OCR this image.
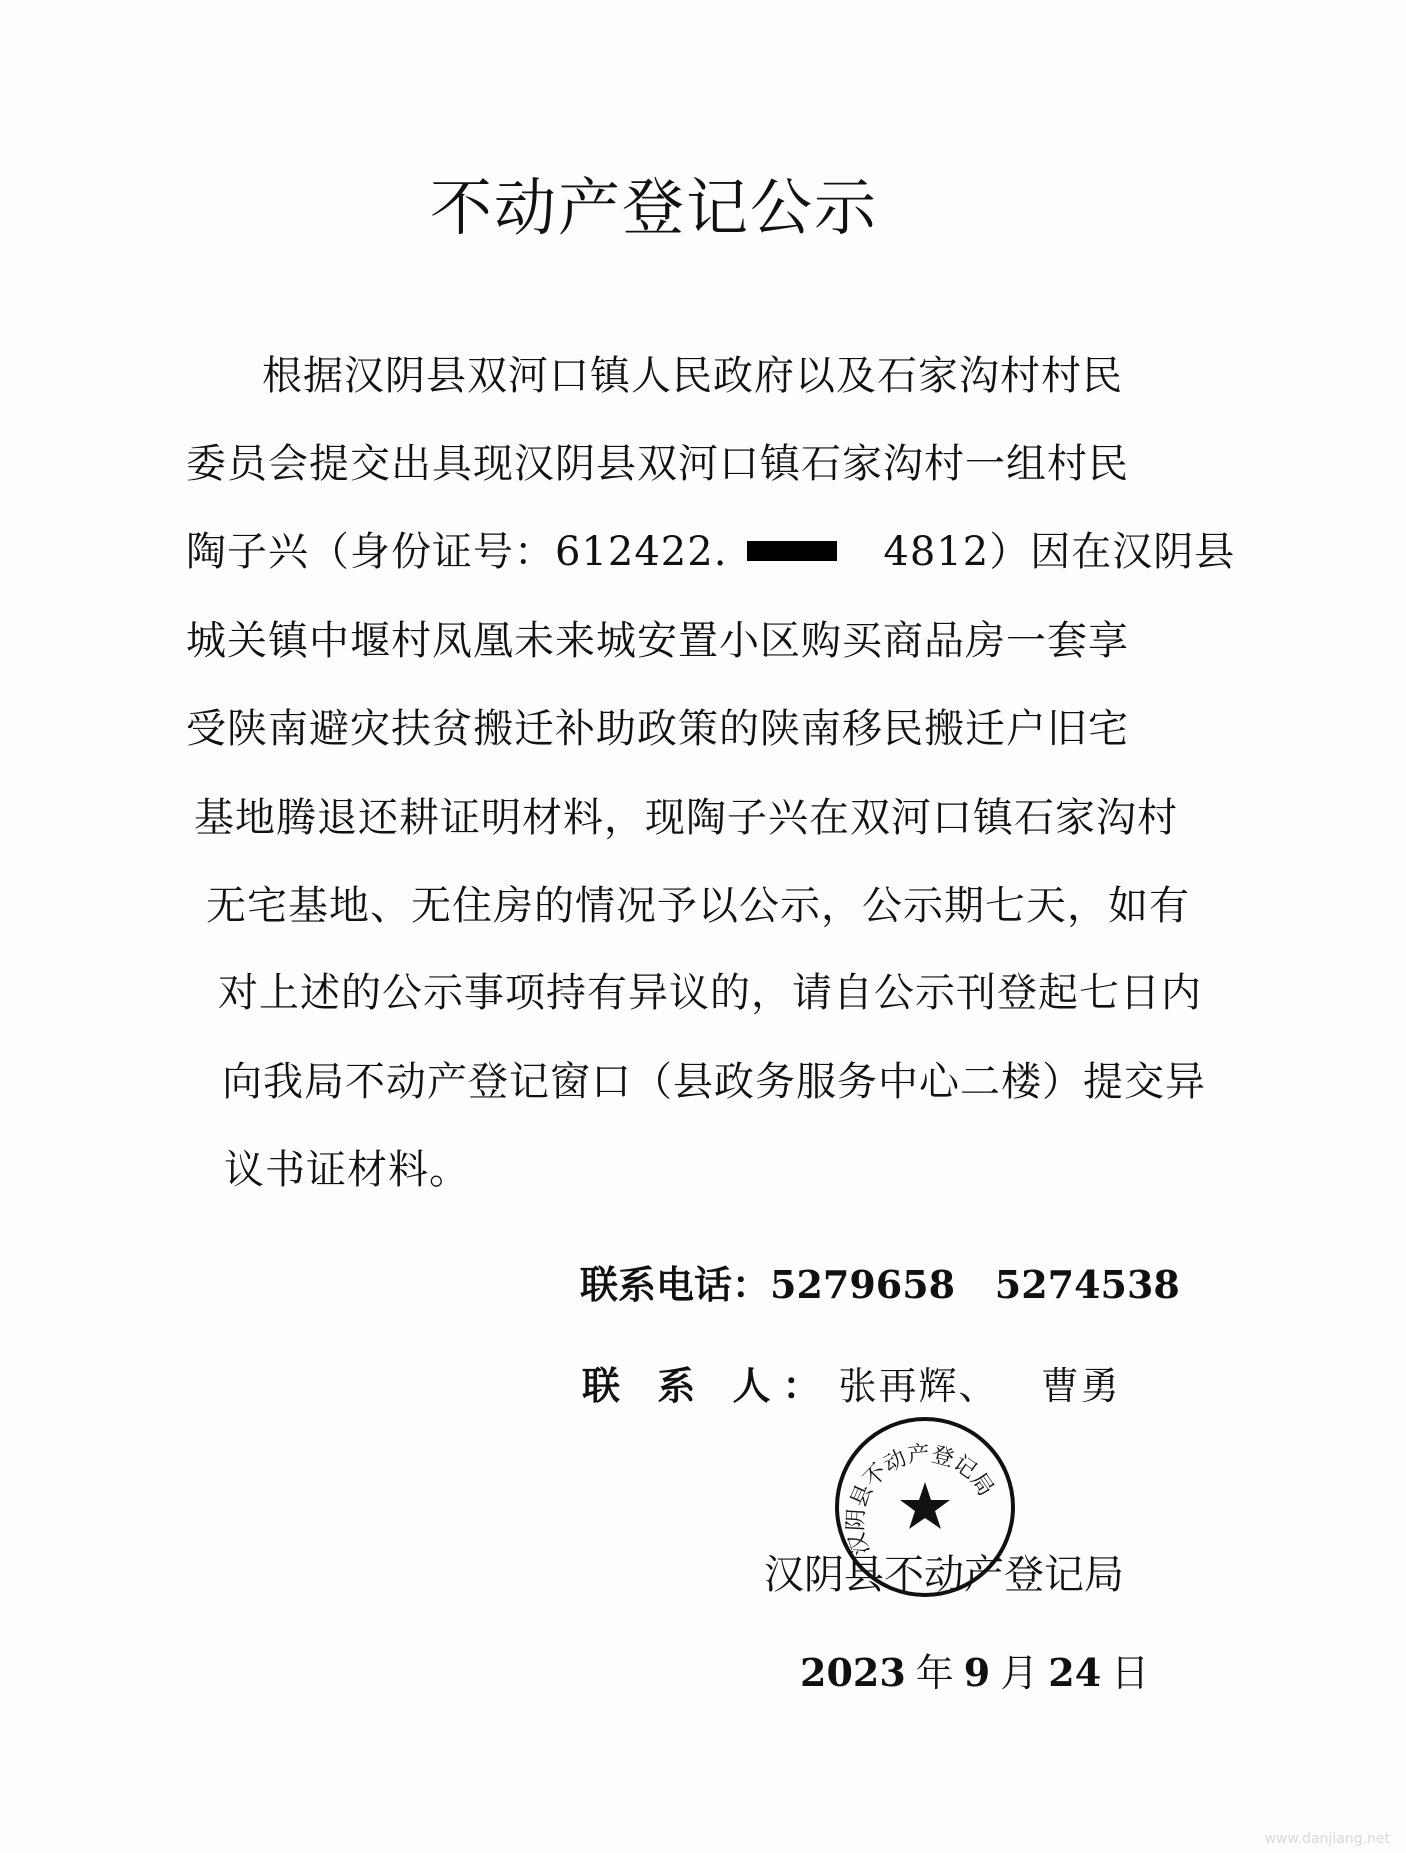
不动产登记公示
根据汉阴县双河口镇人民政府以及石家沟村村民
委员会提交出具现汉阴县双河口镇石家沟村一组村民
陶子兴（身份证号：612422.	4812）因在汉阴县
城关镇中堰村凤凰未来城安置小区购买商品房一套享
受陕南避灾扶贫搬迁补助政策的陕南移民搬迁户旧宅
基地腾退还耕证明材料，现陶子兴在双河口镇石家沟村
无宅基地、无住房的情况予以公示，公示期七天，如有
对上述的公示事项持有异议的，请自公示刊登起七日内
向我局不动产登记窗口（县政务服务中心二楼）提交异
议书证材料。
联系电话：5279658   5274538
联 系 人： 张再辉、   曹勇
汉阴县不动产登记局
汉阴县不动产登记局
2023 年 9 月 24 日
www.danjiang.net
